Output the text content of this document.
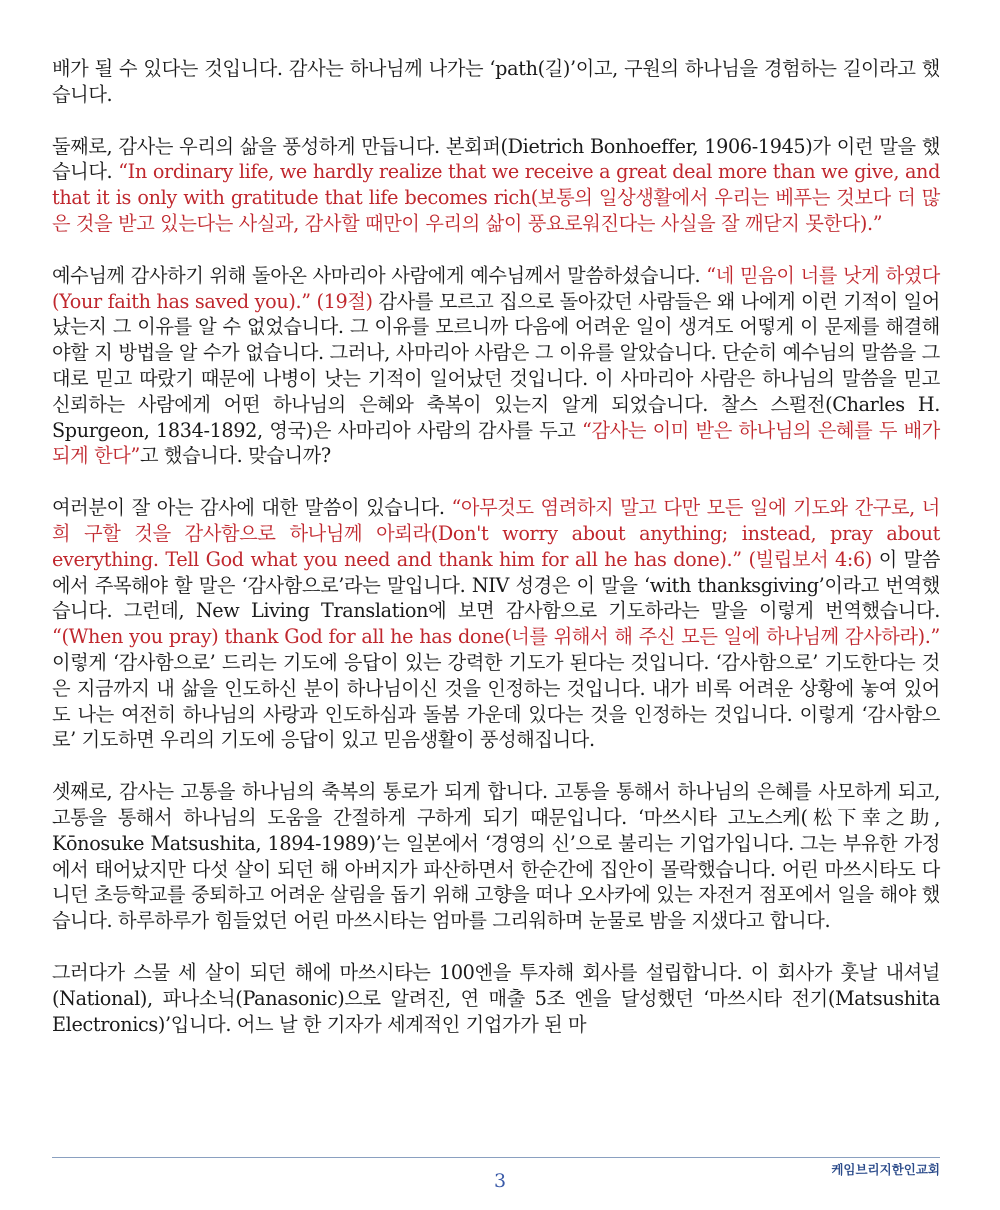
배가 될 수 있다는 것입니다. 감사는 하나님께 나가는 ‘path(길)’이고, 구원의 하나님을 경험하는 길이라고 했습니다.

둘째로, 감사는 우리의 삶을 풍성하게 만듭니다. 본회퍼(Dietrich Bonhoeffer, 1906-1945)가 이런 말을 했습니다. “In ordinary life, we hardly realize that we receive a great deal more than we give, and that it is only with gratitude that life becomes rich(보통의 일상생활에서 우리는 베푸는 것보다 더 많은 것을 받고 있는다는 사실과, 감사할 때만이 우리의 삶이 풍요로워진다는 사실을 잘 깨닫지 못한다).”

예수님께 감사하기 위해 돌아온 사마리아 사람에게 예수님께서 말씀하셨습니다. “네 믿음이 너를 낫게 하였다(Your faith has saved you).” (19절) 감사를 모르고 집으로 돌아갔던 사람들은 왜 나에게 이런 기적이 일어났는지 그 이유를 알 수 없었습니다. 그 이유를 모르니까 다음에 어려운 일이 생겨도 어떻게 이 문제를 해결해야할 지 방법을 알 수가 없습니다. 그러나, 사마리아 사람은 그 이유를 알았습니다. 단순히 예수님의 말씀을 그대로 믿고 따랐기 때문에 나병이 낫는 기적이 일어났던 것입니다. 이 사마리아 사람은 하나님의 말씀을 믿고 신뢰하는 사람에게 어떤 하나님의 은혜와 축복이 있는지 알게 되었습니다. 찰스 스펄전(Charles H. Spurgeon, 1834-1892, 영국)은 사마리아 사람의 감사를 두고 “감사는 이미 받은 하나님의 은혜를 두 배가 되게 한다”고 했습니다. 맞습니까?

여러분이 잘 아는 감사에 대한 말씀이 있습니다. “아무것도 염려하지 말고 다만 모든 일에 기도와 간구로, 너희 구할 것을 감사함으로 하나님께 아뢰라(Don't worry about anything; instead, pray about everything. Tell God what you need and thank him for all he has done).” (빌립보서 4:6) 이 말씀에서 주목해야 할 말은 ‘감사함으로’라는 말입니다. NIV 성경은 이 말을 ‘with thanksgiving’이라고 번역했습니다. 그런데, New Living Translation에 보면 감사함으로 기도하라는 말을 이렇게 번역했습니다. “(When you pray) thank God for all he has done(너를 위해서 해 주신 모든 일에 하나님께 감사하라).” 이렇게 ‘감사함으로’ 드리는 기도에 응답이 있는 강력한 기도가 된다는 것입니다. ‘감사함으로’ 기도한다는 것은 지금까지 내 삶을 인도하신 분이 하나님이신 것을 인정하는 것입니다. 내가 비록 어려운 상황에 놓여 있어도 나는 여전히 하나님의 사랑과 인도하심과 돌봄 가운데 있다는 것을 인정하는 것입니다. 이렇게 ‘감사함으로’ 기도하면 우리의 기도에 응답이 있고 믿음생활이 풍성해집니다.

셋째로, 감사는 고통을 하나님의 축복의 통로가 되게 합니다. 고통을 통해서 하나님의 은혜를 사모하게 되고, 고통을 통해서 하나님의 도움을 간절하게 구하게 되기 때문입니다. ‘마쓰시타 고노스케(松下幸之助, Kōnosuke Matsushita, 1894-1989)’는 일본에서 ‘경영의 신’으로 불리는 기업가입니다. 그는 부유한 가정에서 태어났지만 다섯 살이 되던 해 아버지가 파산하면서 한순간에 집안이 몰락했습니다. 어린 마쓰시타도 다니던 초등학교를 중퇴하고 어려운 살림을 돕기 위해 고향을 떠나 오사카에 있는 자전거 점포에서 일을 해야 했습니다. 하루하루가 힘들었던 어린 마쓰시타는 엄마를 그리워하며 눈물로 밤을 지샜다고 합니다.

그러다가 스물 세 살이 되던 해에 마쓰시타는 100엔을 투자해 회사를 설립합니다. 이 회사가 훗날 내셔널(National), 파나소닉(Panasonic)으로 알려진, 연 매출 5조 엔을 달성했던 ‘마쓰시타 전기(Matsushita Electronics)’입니다. 어느 날 한 기자가 세계적인 기업가가 된 마

3
케임브리지한인교회
